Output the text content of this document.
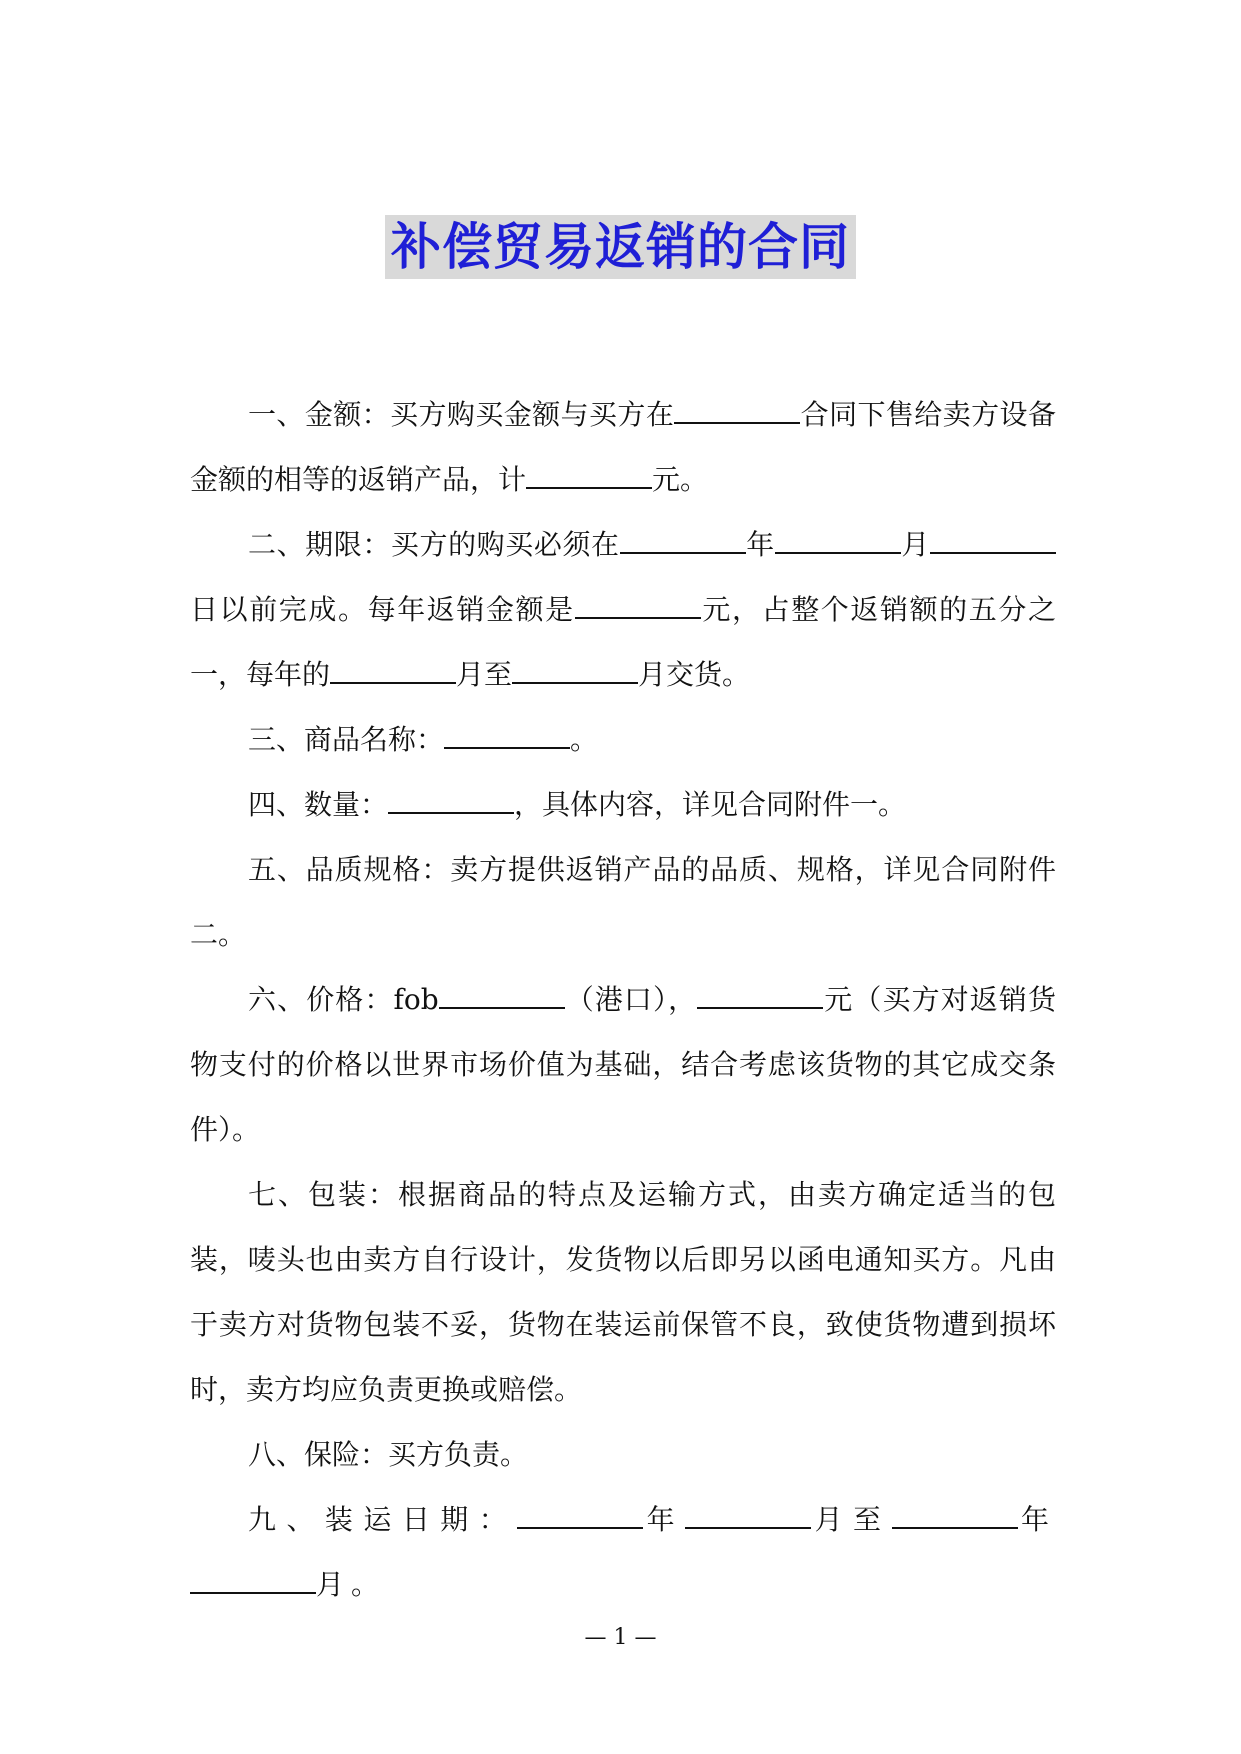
补偿贸易返销的合同

一、金额：买方购买金额与买方在	合同下售给卖方设备金额的相等的返销产品，计	元。

二、期限：买方的购买必须在	年	月日以前完成。每年返销金额是	元，占整个返销额的五分之一，每年的	月至	月交货。

三、商品名称：	。

四、数量：	，具体内容，详见合同附件一。

五、品质规格：卖方提供返销产品的品质、规格，详见合同附件二。

六、价格：fob	（港口），	元（买方对返销货物支付的价格以世界市场价值为基础，结合考虑该货物的其它成交条件）。

七、包装：根据商品的特点及运输方式，由卖方确定适当的包装，唛头也由卖方自行设计，发货物以后即另以函电通知买方。凡由于卖方对货物包装不妥，货物在装运前保管不良，致使货物遭到损坏时，卖方均应负责更换或赔偿。

八、保险：买方负责。

九、装运日期：	年	月至	年月。

— 1 —
